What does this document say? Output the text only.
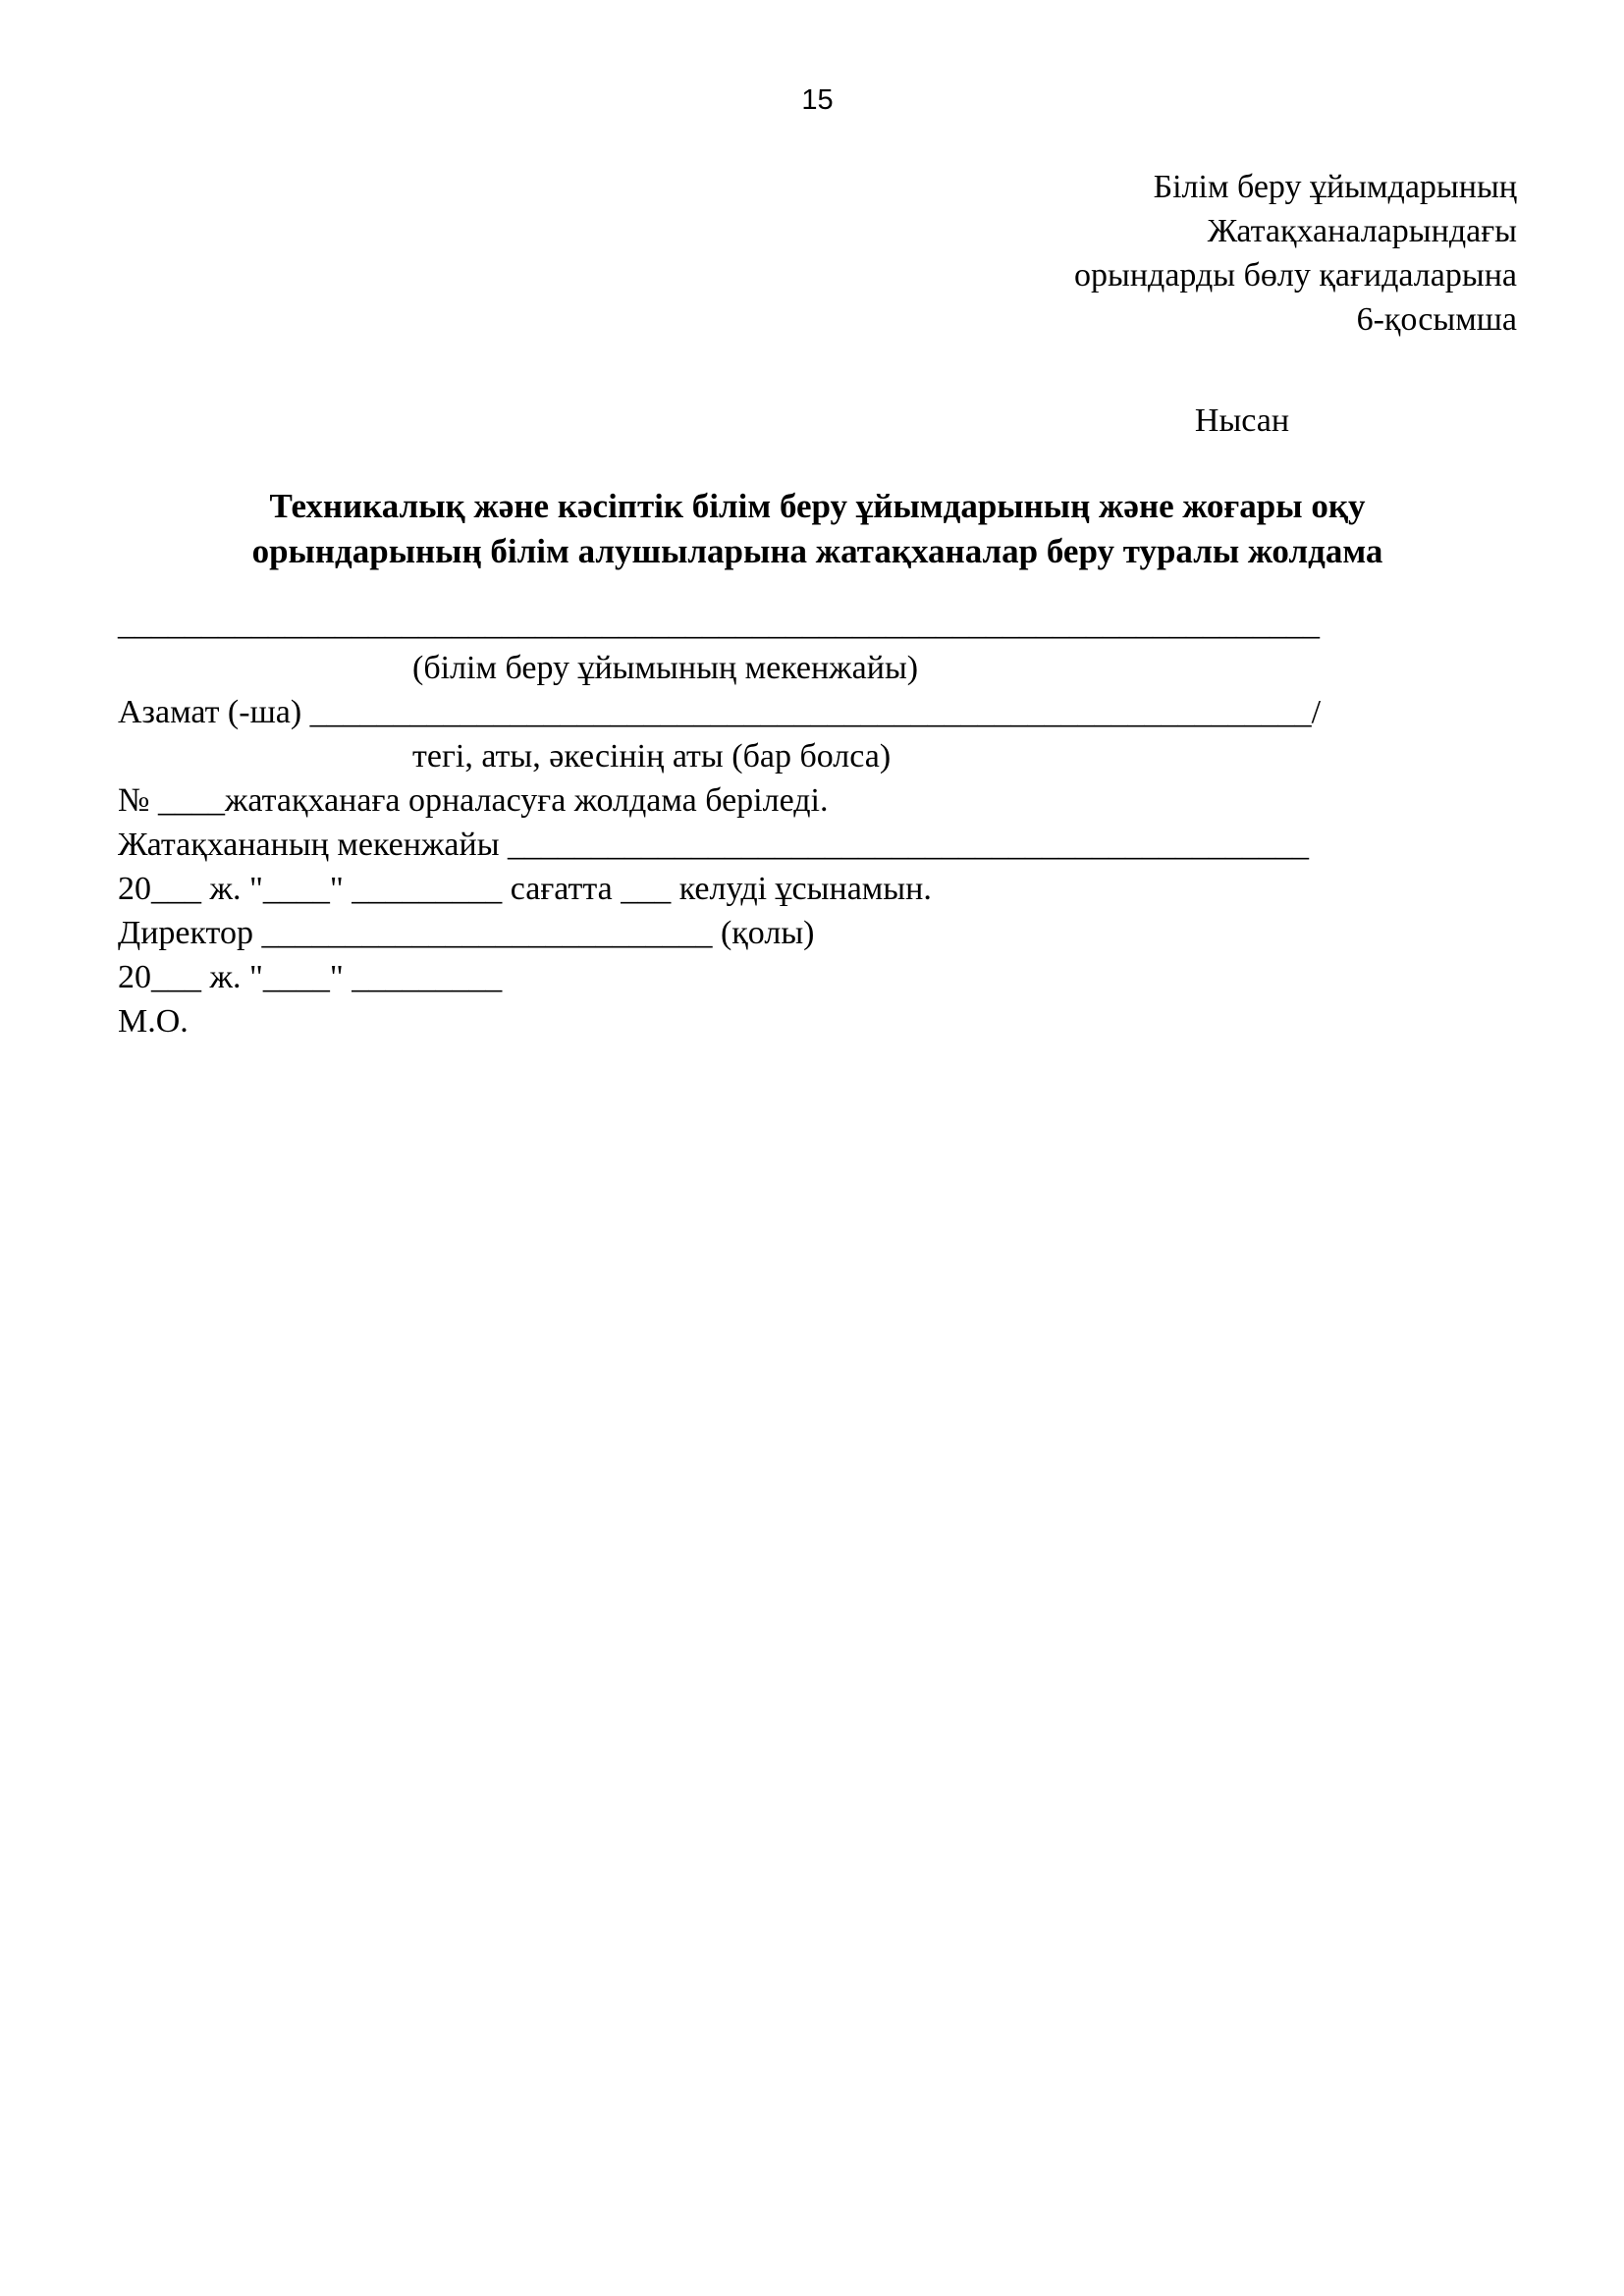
15
Білім беру ұйымдарының
Жатақханаларындағы
орындарды бөлу қағидаларына
6-қосымша
Нысан
Техникалық және кәсіптік білім беру ұйымдарының және жоғары оқу
орындарының білім алушыларына жатақханалар беру туралы жолдама
________________________________________________________________________
(білім беру ұйымының мекенжайы)
Азамат (-ша) ____________________________________________________________/
тегі, аты, әкесінің аты (бар болса)
№ ____жатақханаға орналасуға жолдама беріледі.
Жатақхананың мекенжайы ________________________________________________
20___ ж. "____" _________ сағатта ___ келуді ұсынамын.
Директор ___________________________ (қолы)
20___ ж. "____" _________
М.О.
